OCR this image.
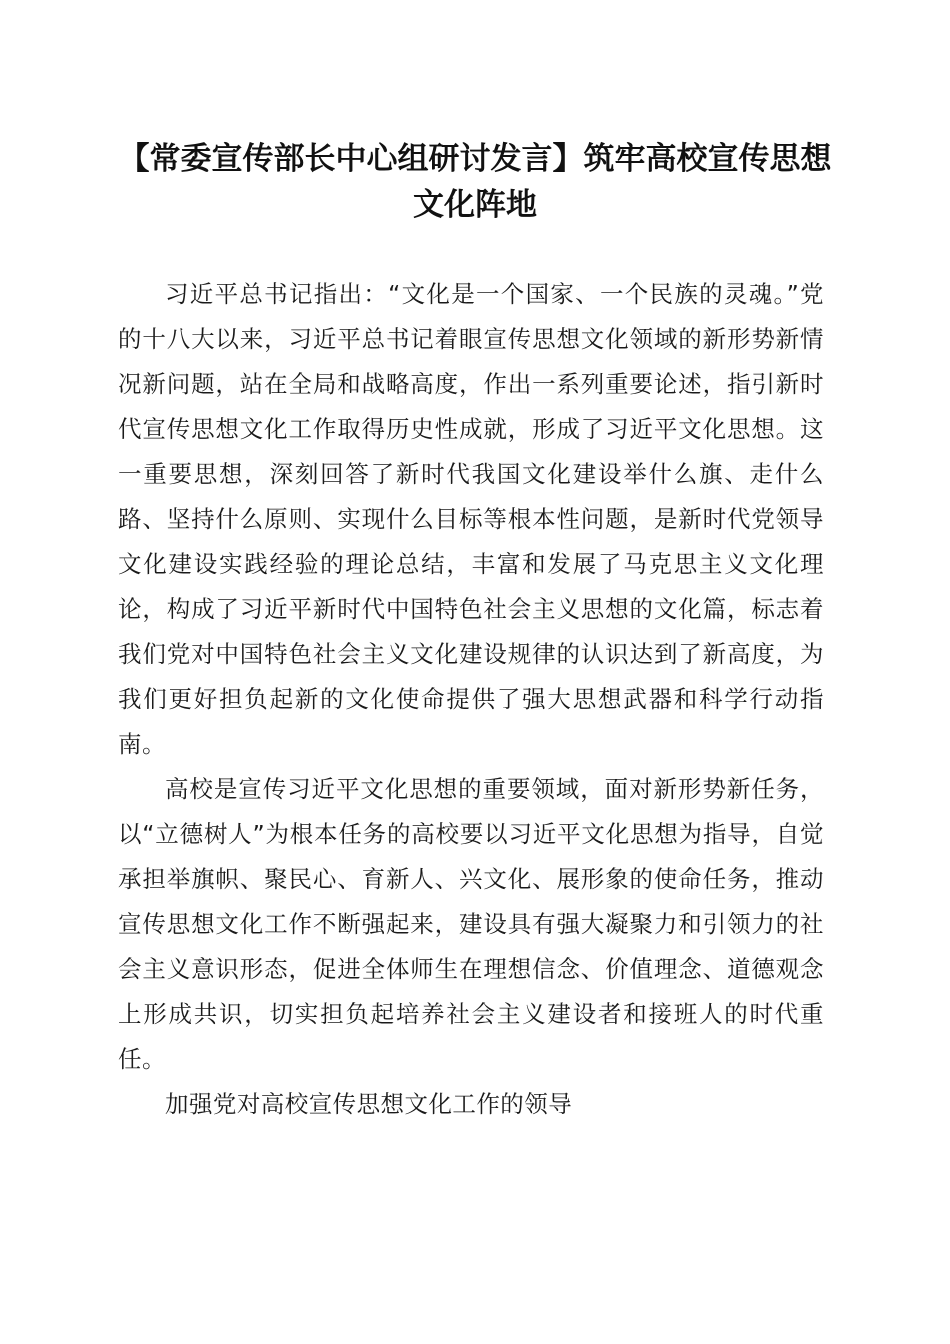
【常委宣传部长中心组研讨发言】筑牢高校宣传思想文化阵地

习近平总书记指出：“文化是一个国家、一个民族的灵魂。”党的十八大以来，习近平总书记着眼宣传思想文化领域的新形势新情况新问题，站在全局和战略高度，作出一系列重要论述，指引新时代宣传思想文化工作取得历史性成就，形成了习近平文化思想。这一重要思想，深刻回答了新时代我国文化建设举什么旗、走什么路、坚持什么原则、实现什么目标等根本性问题，是新时代党领导文化建设实践经验的理论总结，丰富和发展了马克思主义文化理论，构成了习近平新时代中国特色社会主义思想的文化篇，标志着我们党对中国特色社会主义文化建设规律的认识达到了新高度，为我们更好担负起新的文化使命提供了强大思想武器和科学行动指南。

高校是宣传习近平文化思想的重要领域，面对新形势新任务，以“立德树人”为根本任务的高校要以习近平文化思想为指导，自觉承担举旗帜、聚民心、育新人、兴文化、展形象的使命任务，推动宣传思想文化工作不断强起来，建设具有强大凝聚力和引领力的社会主义意识形态，促进全体师生在理想信念、价值理念、道德观念上形成共识，切实担负起培养社会主义建设者和接班人的时代重任。

加强党对高校宣传思想文化工作的领导
